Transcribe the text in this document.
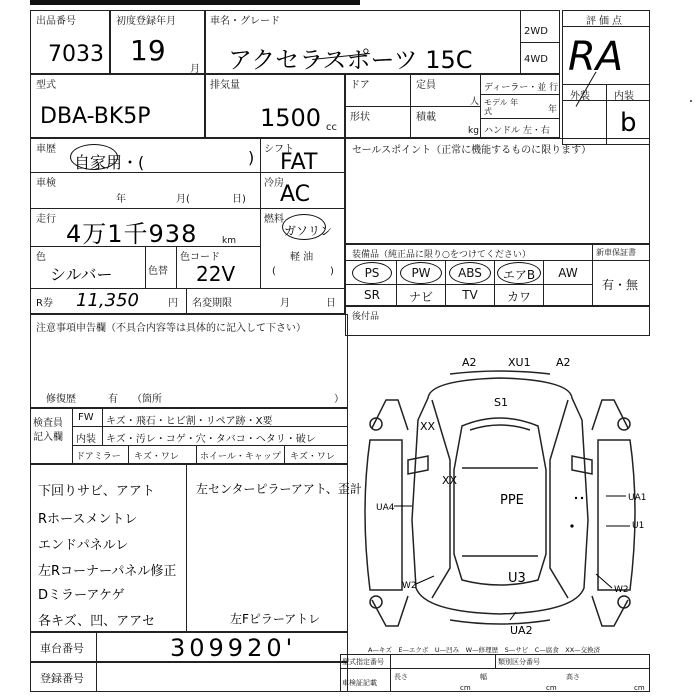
出品番号
7033
初度登録年月
19
月
車名・グレード
アクセラスポーツ 15C
2WD
4WD
評価点
RA
外装 内装
b
型式
DBA-BK5P
排気量
1500 cc
ドア	定員
人
形状	積載
kg
ディーラー・並 行
モデル 年式	年
ハンドル 左・右
車歴
自家用・(	) シフト
FAT
車検
年	月(	日)
冷房
AC
走行
4万1千938	km
燃料
ガソリン
軽 油
(	)
色
シルバー	色替
色コード
22V
R券 11,350	円 名変期限	月	日
セールスポイント（正常に機能するものに限ります）
装備品（純正品に限り○をつけてください）	新車保証書
有・無
PS	PW	ABS	エアB	AW
SR	ナビ	TV	カワ
後付品
注意事項申告欄（不具合内容等は具体的に記入して下さい）
修復歴	有 （箇所	）
検査員
記入欄
FW キズ・飛石・ヒビ割・リペア跡・X要
内装 キズ・汚レ・コゲ・穴・タバコ・ヘタリ・破レ
ドアミラー キズ・ワレ ホイール・キャップ キズ・ワレ
下回りサビ、アアト
Rホースメントレ
エンドパネルレ
左Rコーナーパネル修正
Dミラーアケゲ
各キズ、凹、アアセ
左センターピラーアアト、歪計
左Fピラーアトレ
車台番号	309920'
登録番号
A—キズ　E—エクボ　U—凹み　W—修理歴　S—サビ　C—腐食　XX—交換済
型式指定番号	類別区分番号
車検証記載
長さ
cm
幅
cm
高さ
cm
A2	XU1 A2
S1
XX
XX
PPE
UA4
UA1
U1
W2	U3
W2
UA2
